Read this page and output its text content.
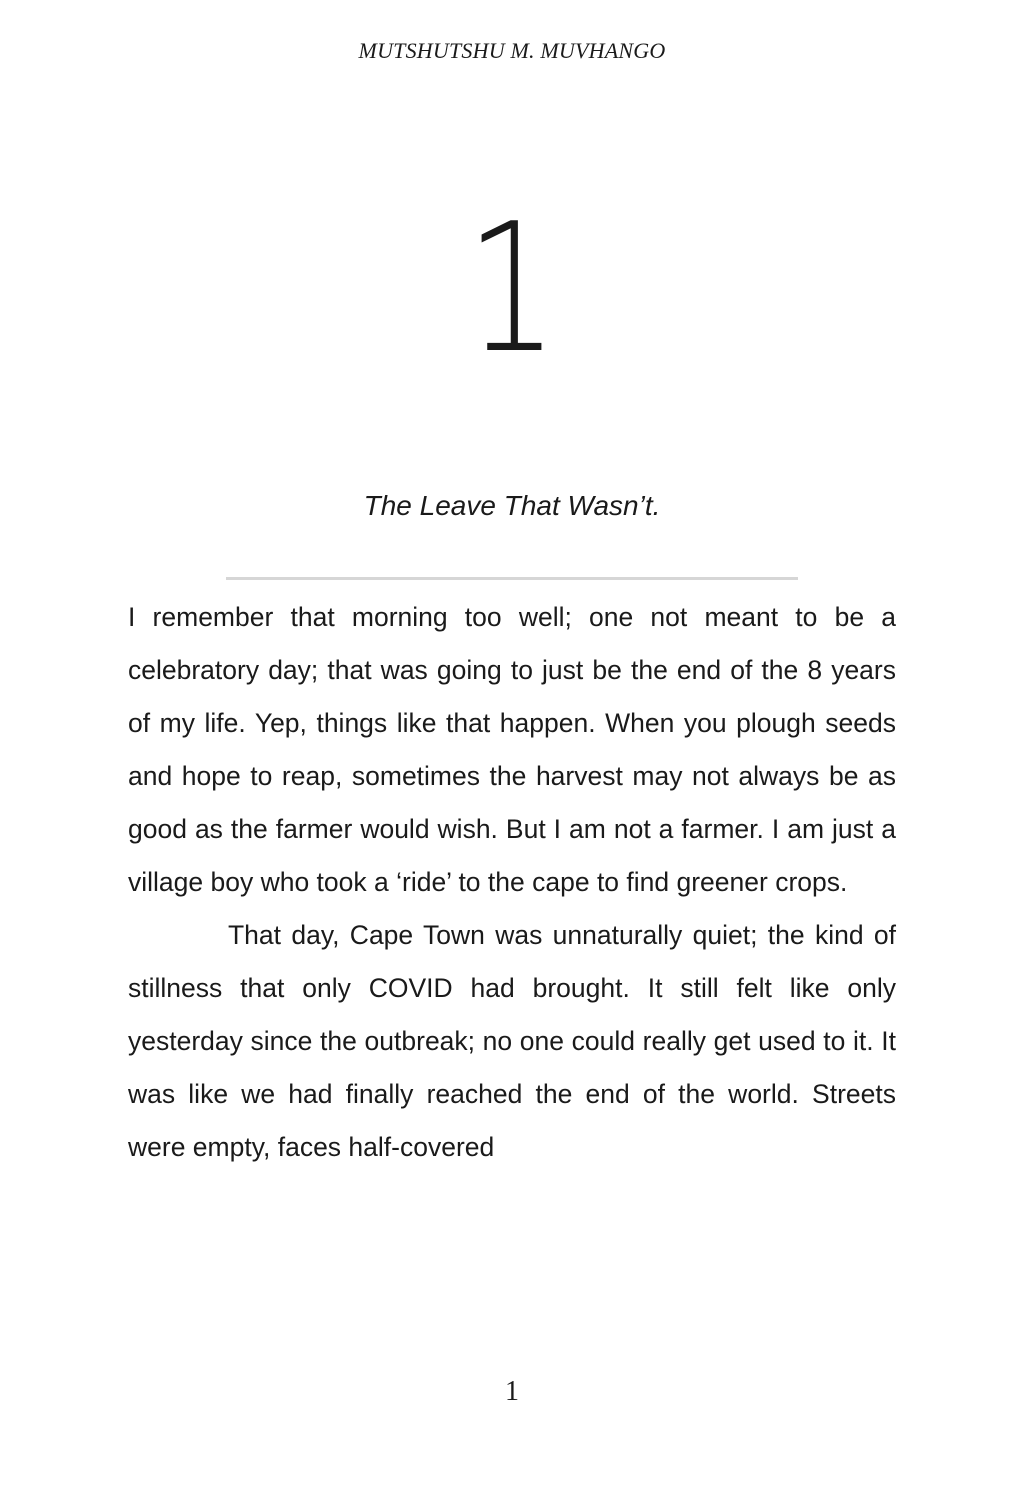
MUTSHUTSHU M. MUVHANGO
1
The Leave That Wasn’t.

I remember that morning too well; one not meant to be a celebratory day; that was going to just be the end of the 8 years of my life. Yep, things like that happen. When you plough seeds and hope to reap, sometimes the harvest may not always be as good as the farmer would wish. But I am not a farmer. I am just a village boy who took a ‘ride’ to the cape to find greener crops.

That day, Cape Town was unnaturally quiet; the kind of stillness that only COVID had brought. It still felt like only yesterday since the outbreak; no one could really get used to it. It was like we had finally reached the end of the world. Streets were empty, faces half-covered

1
